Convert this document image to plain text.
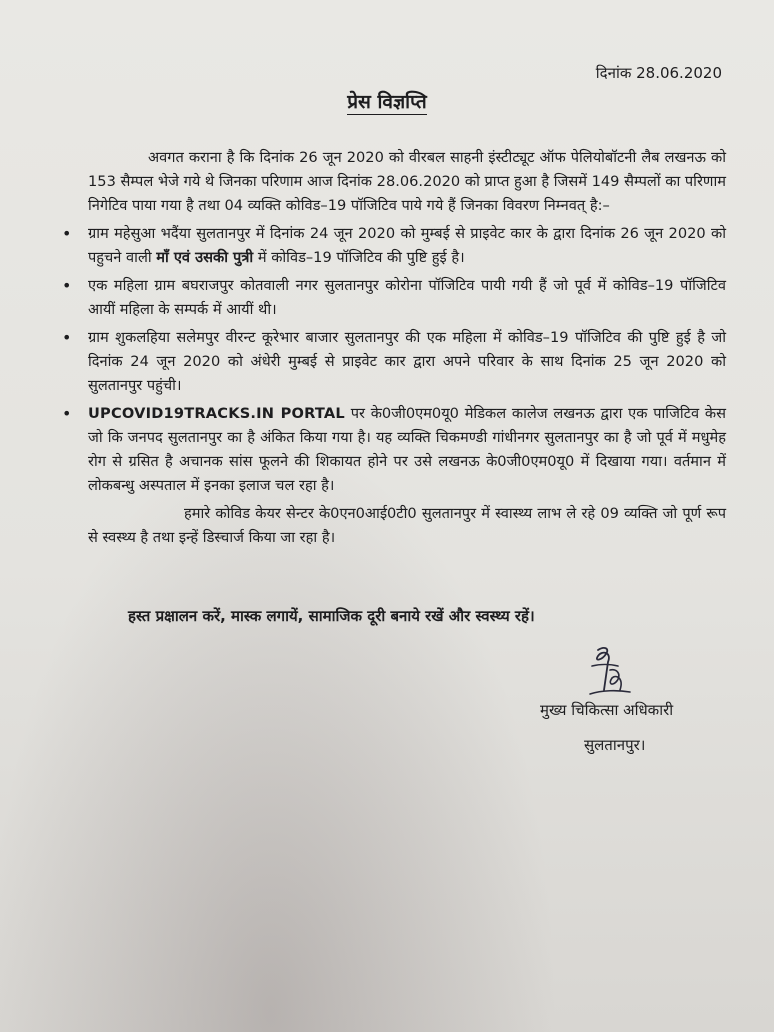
दिनांक 28.06.2020
प्रेस विज्ञप्ति

अवगत कराना है कि दिनांक 26 जून 2020 को वीरबल साहनी इंस्टीट्यूट ऑफ पेलियोबॉटनी लैब लखनऊ को 153 सैम्पल भेजे गये थे जिनका परिणाम आज दिनांक 28.06.2020 को प्राप्त हुआ है जिसमें 149 सैम्पलों का परिणाम निगेटिव पाया गया है तथा 04 व्यक्ति कोविड–19 पॉजिटिव पाये गये हैं जिनका विवरण निम्नवत् है:–

• ग्राम महेसुआ भदैंया सुलतानपुर में दिनांक 24 जून 2020 को मुम्बई से प्राइवेट कार के द्वारा दिनांक 26 जून 2020 को पहुचने वाली माँ एवं उसकी पुत्री में कोविड–19 पॉजिटिव की पुष्टि हुई है।
• एक महिला ग्राम बघराजपुर कोतवाली नगर सुलतानपुर कोरोना पॉजिटिव पायी गयी हैं जो पूर्व में कोविड–19 पॉजिटिव आयीं महिला के सम्पर्क में आयीं थी।
• ग्राम शुकलहिया सलेमपुर वीरन्ट कूरेभार बाजार सुलतानपुर की एक महिला में कोविड–19 पॉजिटिव की पुष्टि हुई है जो दिनांक 24 जून 2020 को अंधेरी मुम्बई से प्राइवेट कार द्वारा अपने परिवार के साथ दिनांक 25 जून 2020 को सुलतानपुर पहुंची।
• UPCOVID19TRACKS.IN PORTAL पर के0जी0एम0यू0 मेडिकल कालेज लखनऊ द्वारा एक पाजिटिव केस जो कि जनपद सुलतानपुर का है अंकित किया गया है। यह व्यक्ति चिकमण्डी गांधीनगर सुलतानपुर का है जो पूर्व में मधुमेह रोग से ग्रसित है अचानक सांस फूलने की शिकायत होने पर उसे लखनऊ के0जी0एम0यू0 में दिखाया गया। वर्तमान में लोकबन्धु अस्पताल में इनका इलाज चल रहा है।

हमारे कोविड केयर सेन्टर के0एन0आई0टी0 सुलतानपुर में स्वास्थ्य लाभ ले रहे 09 व्यक्ति जो पूर्ण रूप से स्वस्थ्य है तथा इन्हें डिस्चार्ज किया जा रहा है।

हस्त प्रक्षालन करें, मास्क लगायें, सामाजिक दूरी बनाये रखें और स्वस्थ्य रहें।
मुख्य चिकित्सा अधिकारी
सुलतानपुर।
